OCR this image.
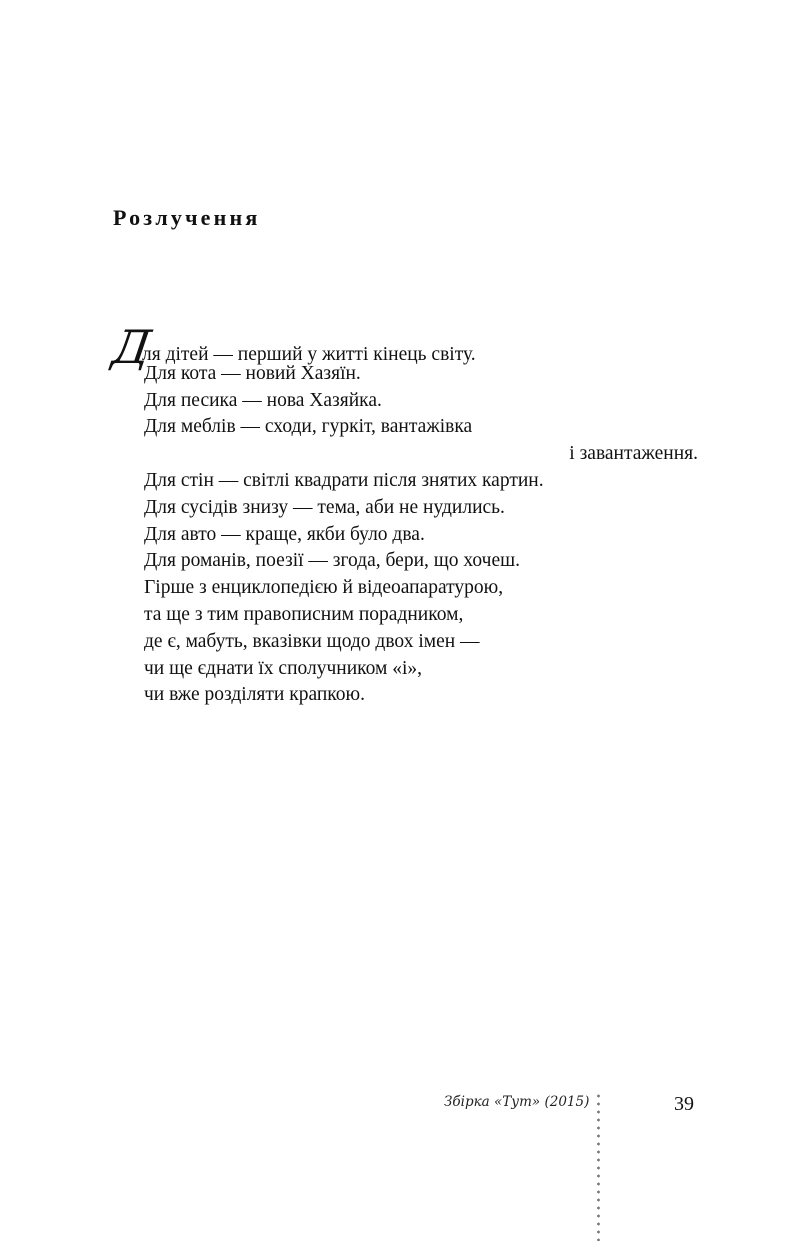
Розлучення
Для дітей — перший у житті кінець світу.
Для кота — новий Хазяїн.
Для песика — нова Хазяйка.
Для меблів — сходи, гуркіт, вантажівка
і завантаження.
Для стін — світлі квадрати після знятих картин.
Для сусідів знизу — тема, аби не нудились.
Для авто — краще, якби було два.
Для романів, поезії — згода, бери, що хочеш.
Гірше з енциклопедією й відеоапаратурою,
та ще з тим правописним порадником,
де є, мабуть, вказівки щодо двох імен —
чи ще єднати їх сполучником «і»,
чи вже розділяти крапкою.
Збірка «Тут» (2015)	39
